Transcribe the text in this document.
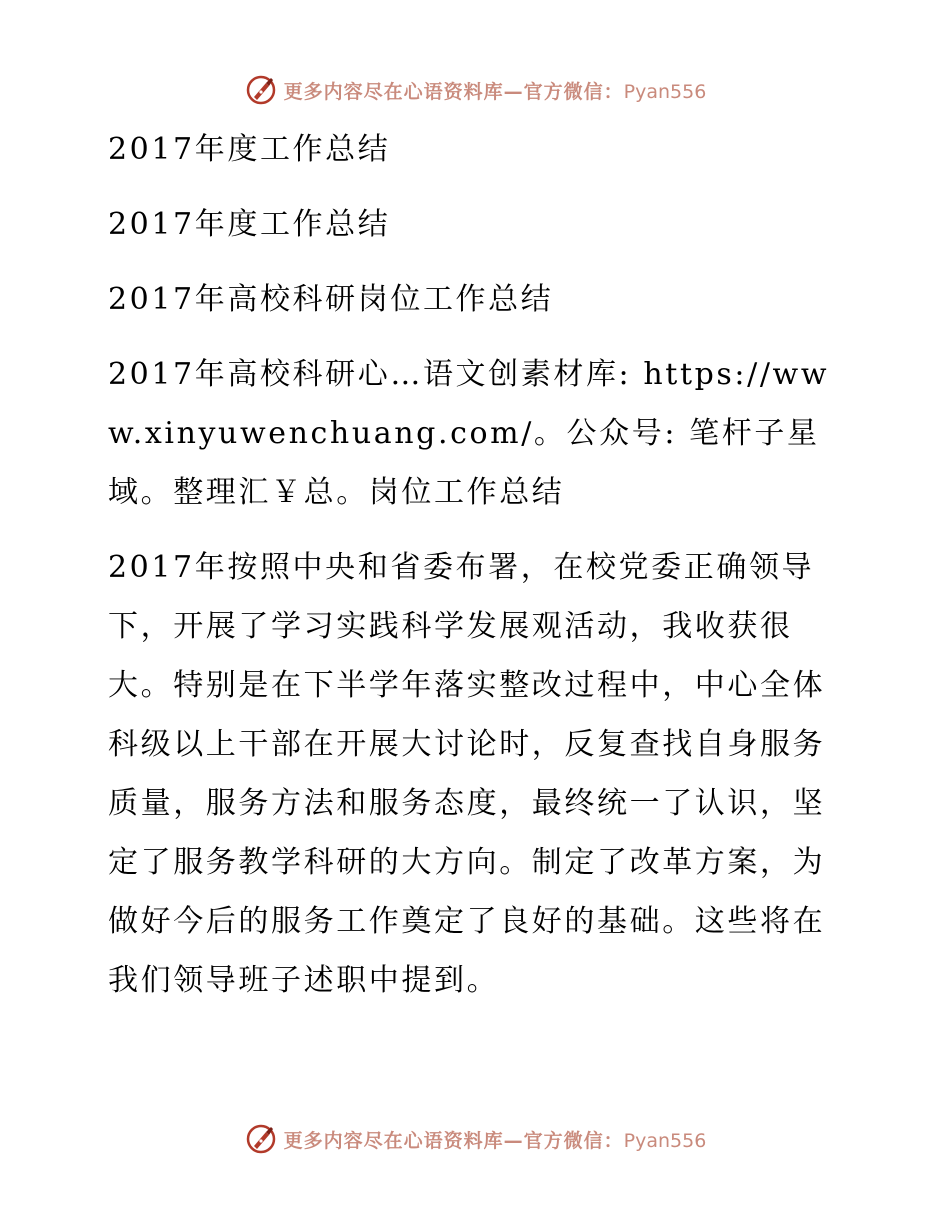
更多内容尽在心语资料库—官方微信：Pyan556

2017年度工作总结

2017年度工作总结

2017年高校科研岗位工作总结

2017年高校科研心…语文创素材库: https://www.xinyuwenchuang.com/。公众号: 笔杆子星域。整理汇￥总。岗位工作总结

2017年按照中央和省委布署，在校党委正确领导下，开展了学习实践科学发展观活动，我收获很大。特别是在下半学年落实整改过程中，中心全体科级以上干部在开展大讨论时，反复查找自身服务质量，服务方法和服务态度，最终统一了认识，坚定了服务教学科研的大方向。制定了改革方案，为做好今后的服务工作奠定了良好的基础。这些将在我们领导班子述职中提到。

更多内容尽在心语资料库—官方微信：Pyan556
